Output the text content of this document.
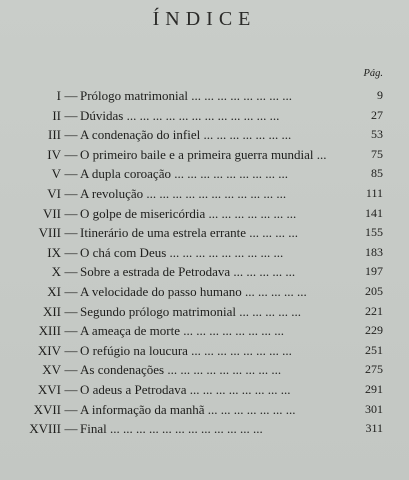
ÍNDICE
Pág.
I — Prólogo matrimonial ... ... ... ... ... ... ... ...	9
II — Dúvidas ... ... ... ... ... ... ... ... ... ... ... ...	27
III — A condenação do infiel ... ... ... ... ... ... ...	53
IV — O primeiro baile e a primeira guerra mundial ...	75
V — A dupla coroação ... ... ... ... ... ... ... ... ...	85
VI — A revolução ... ... ... ... ... ... ... ... ... ... ...	111
VII — O golpe de misericórdia ... ... ... ... ... ... ...	141
VIII — Itinerário de uma estrela errante ... ... ... ...	155
IX — O chá com Deus ... ... ... ... ... ... ... ... ...	183
X — Sobre a estrada de Petrodava ... ... ... ... ...	197
XI — A velocidade do passo humano ... ... ... ... ...	205
XII — Segundo prólogo matrimonial ... ... ... ... ...	221
XIII — A ameaça de morte ... ... ... ... ... ... ... ...	229
XIV — O refúgio na loucura ... ... ... ... ... ... ... ...	251
XV — As condenações ... ... ... ... ... ... ... ... ...	275
XVI — O adeus a Petrodava ... ... ... ... ... ... ... ...	291
XVII — A informação da manhã ... ... ... ... ... ... ...	301
XVIII — Final ... ... ... ... ... ... ... ... ... ... ... ...	311
